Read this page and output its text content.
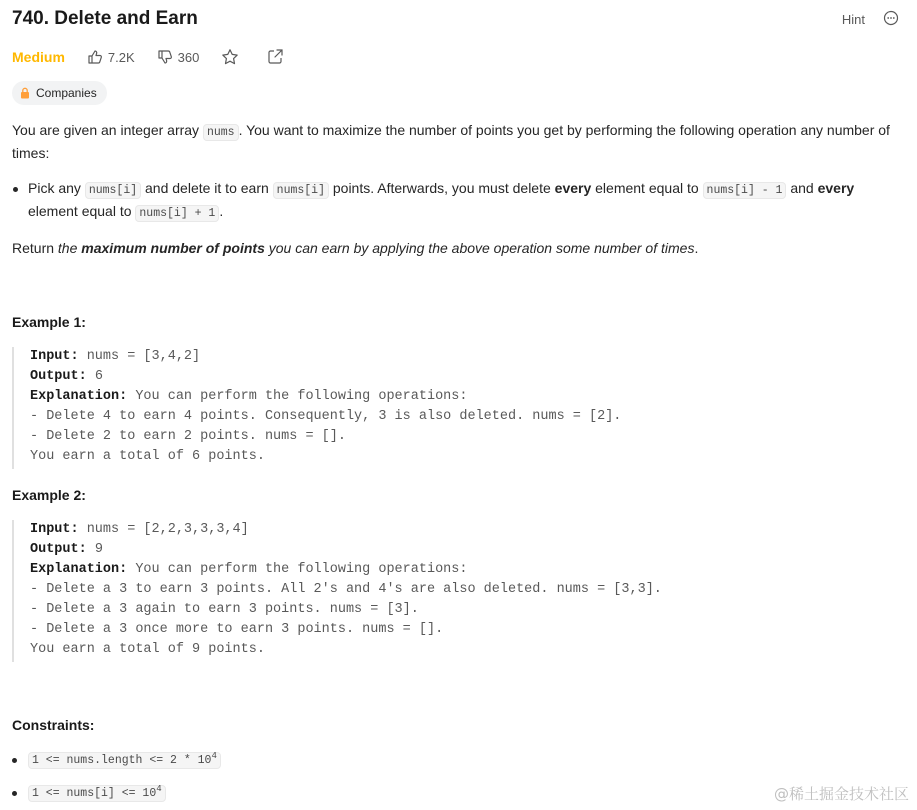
740. Delete and Earn	Hint
Medium	7.2K	360
Companies

You are given an integer array nums . You want to maximize the number of points you get by performing the following operation any number of times:

Pick any nums[i] and delete it to earn nums[i] points. Afterwards, you must delete every element equal to nums[i] - 1 and every element equal to nums[i] + 1 .
Return the maximum number of points you can earn by applying the above operation some number of times.
Example 1:
Input: nums = [3,4,2]
Output: 6
Explanation: You can perform the following operations:
- Delete 4 to earn 4 points. Consequently, 3 is also deleted. nums = [2].
- Delete 2 to earn 2 points. nums = [].
You earn a total of 6 points.
Example 2:
Input: nums = [2,2,3,3,3,4]
Output: 9
Explanation: You can perform the following operations:
- Delete a 3 to earn 3 points. All 2's and 4's are also deleted. nums = [3,3].
- Delete a 3 again to earn 3 points. nums = [3].
- Delete a 3 once more to earn 3 points. nums = [].
You earn a total of 9 points.
Constraints:
1 <= nums.length <= $2 * 10^4$
1 <= nums[i] <= $10^4$	@稀土掘金技术社区
